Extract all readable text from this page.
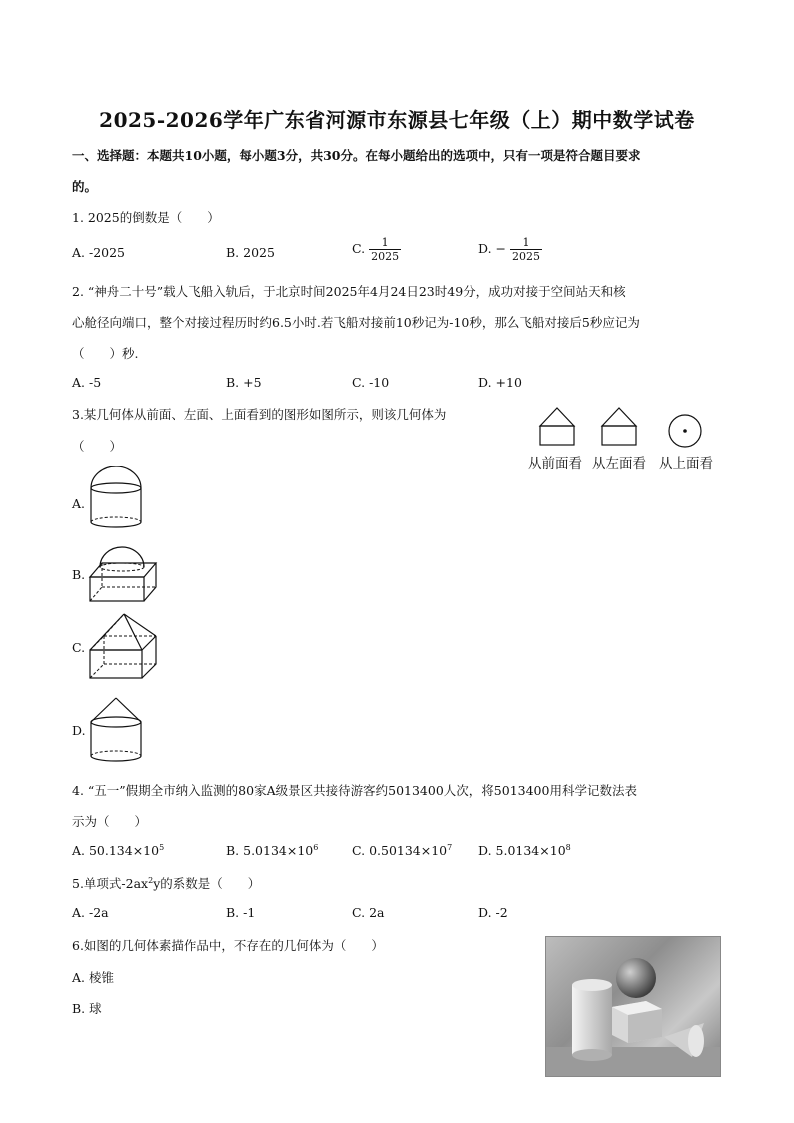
2025-2026学年广东省河源市东源县七年级（上）期中数学试卷
一、选择题：本题共10小题，每小题3分，共30分。在每小题给出的选项中，只有一项是符合题目要求
的。
1. 2025的倒数是（　　）
A. -2025	B. 2025	C. $\frac{1}{2025}$	D. − $\frac{1}{2025}$
2. “神舟二十号”载人飞船入轨后，于北京时间2025年4月24日23时49分，成功对接于空间站天和核
心舱径向端口，整个对接过程历时约6.5小时.若飞船对接前10秒记为-10秒，那么飞船对接后5秒应记为
（　　）秒.
A. -5	B. +5	C. -10	D. +10
3.某几何体从前面、左面、上面看到的图形如图所示，则该几何体为
（　　）
从前面看 从左面看 从上面看
A.
B.
C.
D.
4. “五一”假期全市纳入监测的80家A级景区共接待游客约5013400人次，将5013400用科学记数法表
示为（　　）
A. $50.134\times 10^5$	B. $5.0134\times 10^6$	C. $0.50134\times 10^7$ D. $5.0134\times 10^8$
5.单项式$-2ax^2y$的系数是（　　）
A. -2a	B. -1	C. 2a	D. -2
6.如图的几何体素描作品中，不存在的几何体为（　　）
A. 棱锥
B. 球
